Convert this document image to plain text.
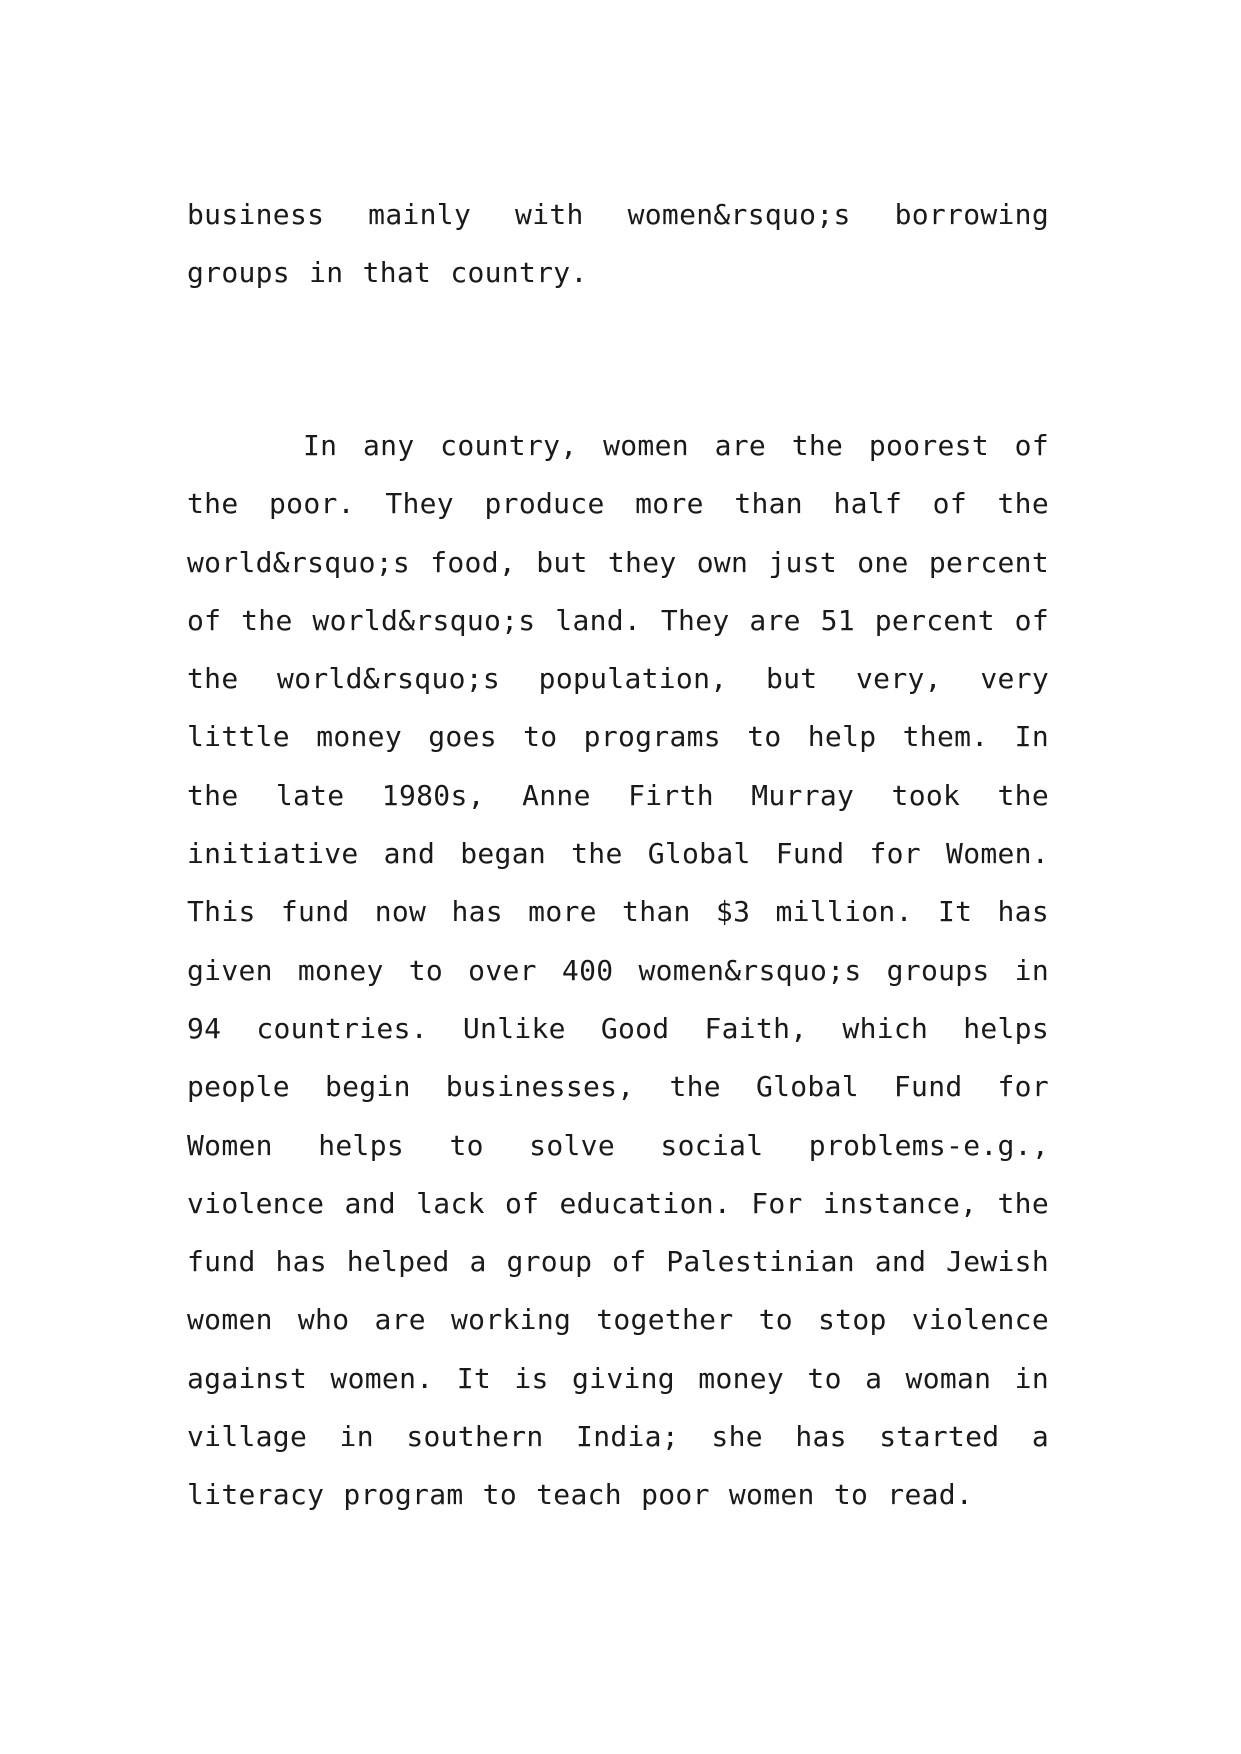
business mainly with women&rsquo;s borrowing groups in that country.

In any country, women are the poorest of the poor. They produce more than half of the world&rsquo;s food, but they own just one percent of the world&rsquo;s land. They are 51 percent of the world&rsquo;s population, but very, very little money goes to programs to help them. In the late 1980s, Anne Firth Murray took the initiative and began the Global Fund for Women. This fund now has more than $3 million. It has given money to over 400 women&rsquo;s groups in 94 countries. Unlike Good Faith, which helps people begin businesses, the Global Fund for Women helps to solve social problems-e.g., violence and lack of education. For instance, the fund has helped a group of Palestinian and Jewish women who are working together to stop violence against women. It is giving money to a woman in village in southern India; she has started a literacy program to teach poor women to read.
